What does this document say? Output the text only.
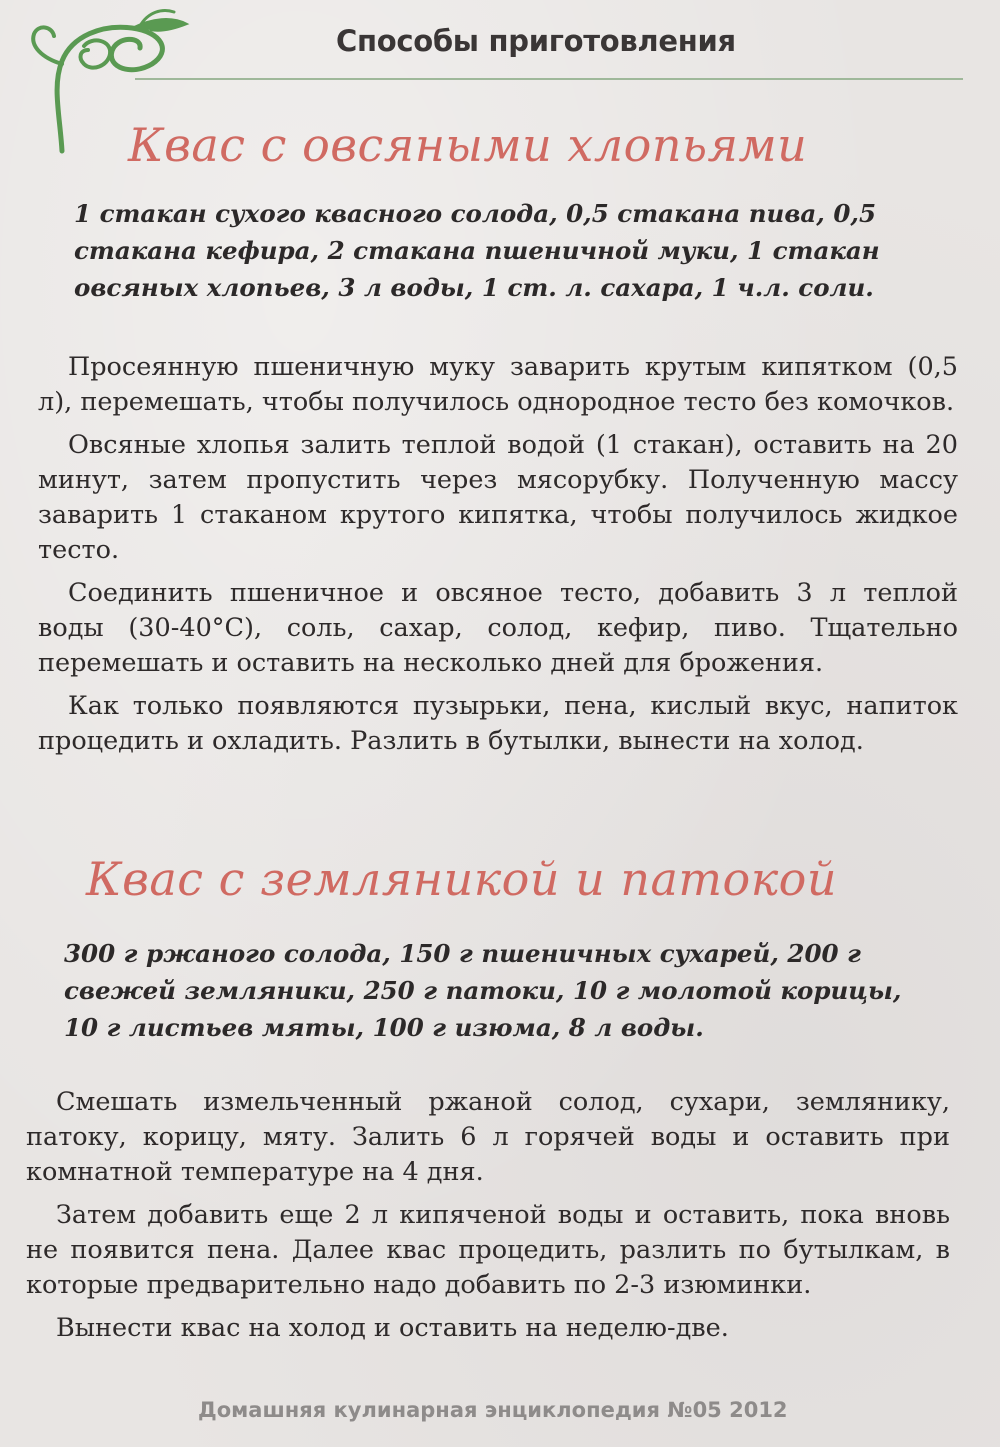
Способы приготовления
Квас с овсяными хлопьями
1 стакан сухого квасного солода, 0,5 стакана пива, 0,5
стакана кефира, 2 стакана пшеничной муки, 1 стакан
овсяных хлопьев, 3 л воды, 1 ст. л. сахара, 1 ч.л. соли.

Просеянную пшеничную муку заварить крутым кипятком (0,5 л), перемешать, чтобы получилось однородное тесто без комочков.

Овсяные хлопья залить теплой водой (1 стакан), оставить на 20 минут, затем пропустить через мясорубку. Полученную массу заварить 1 стаканом крутого кипятка, чтобы получилось жидкое тесто.

Соединить пшеничное и овсяное тесто, добавить 3 л теплой воды (30-40°С), соль, сахар, солод, кефир, пиво. Тщательно перемешать и оставить на несколько дней для брожения.

Как только появляются пузырьки, пена, кислый вкус, напиток процедить и охладить. Разлить в бутылки, вынести на холод.

Квас с земляникой и патокой
300 г ржаного солода, 150 г пшеничных сухарей, 200 г
свежей земляники, 250 г патоки, 10 г молотой корицы,
10 г листьев мяты, 100 г изюма, 8 л воды.

Смешать измельченный ржаной солод, сухари, землянику, патоку, корицу, мяту. Залить 6 л горячей воды и оставить при комнатной температуре на 4 дня.

Затем добавить еще 2 л кипяченой воды и оставить, пока вновь не появится пена. Далее квас процедить, разлить по бутылкам, в которые предварительно надо добавить по 2-3 изюминки.

Вынести квас на холод и оставить на неделю-две.

Домашняя кулинарная энциклопедия №05 2012
